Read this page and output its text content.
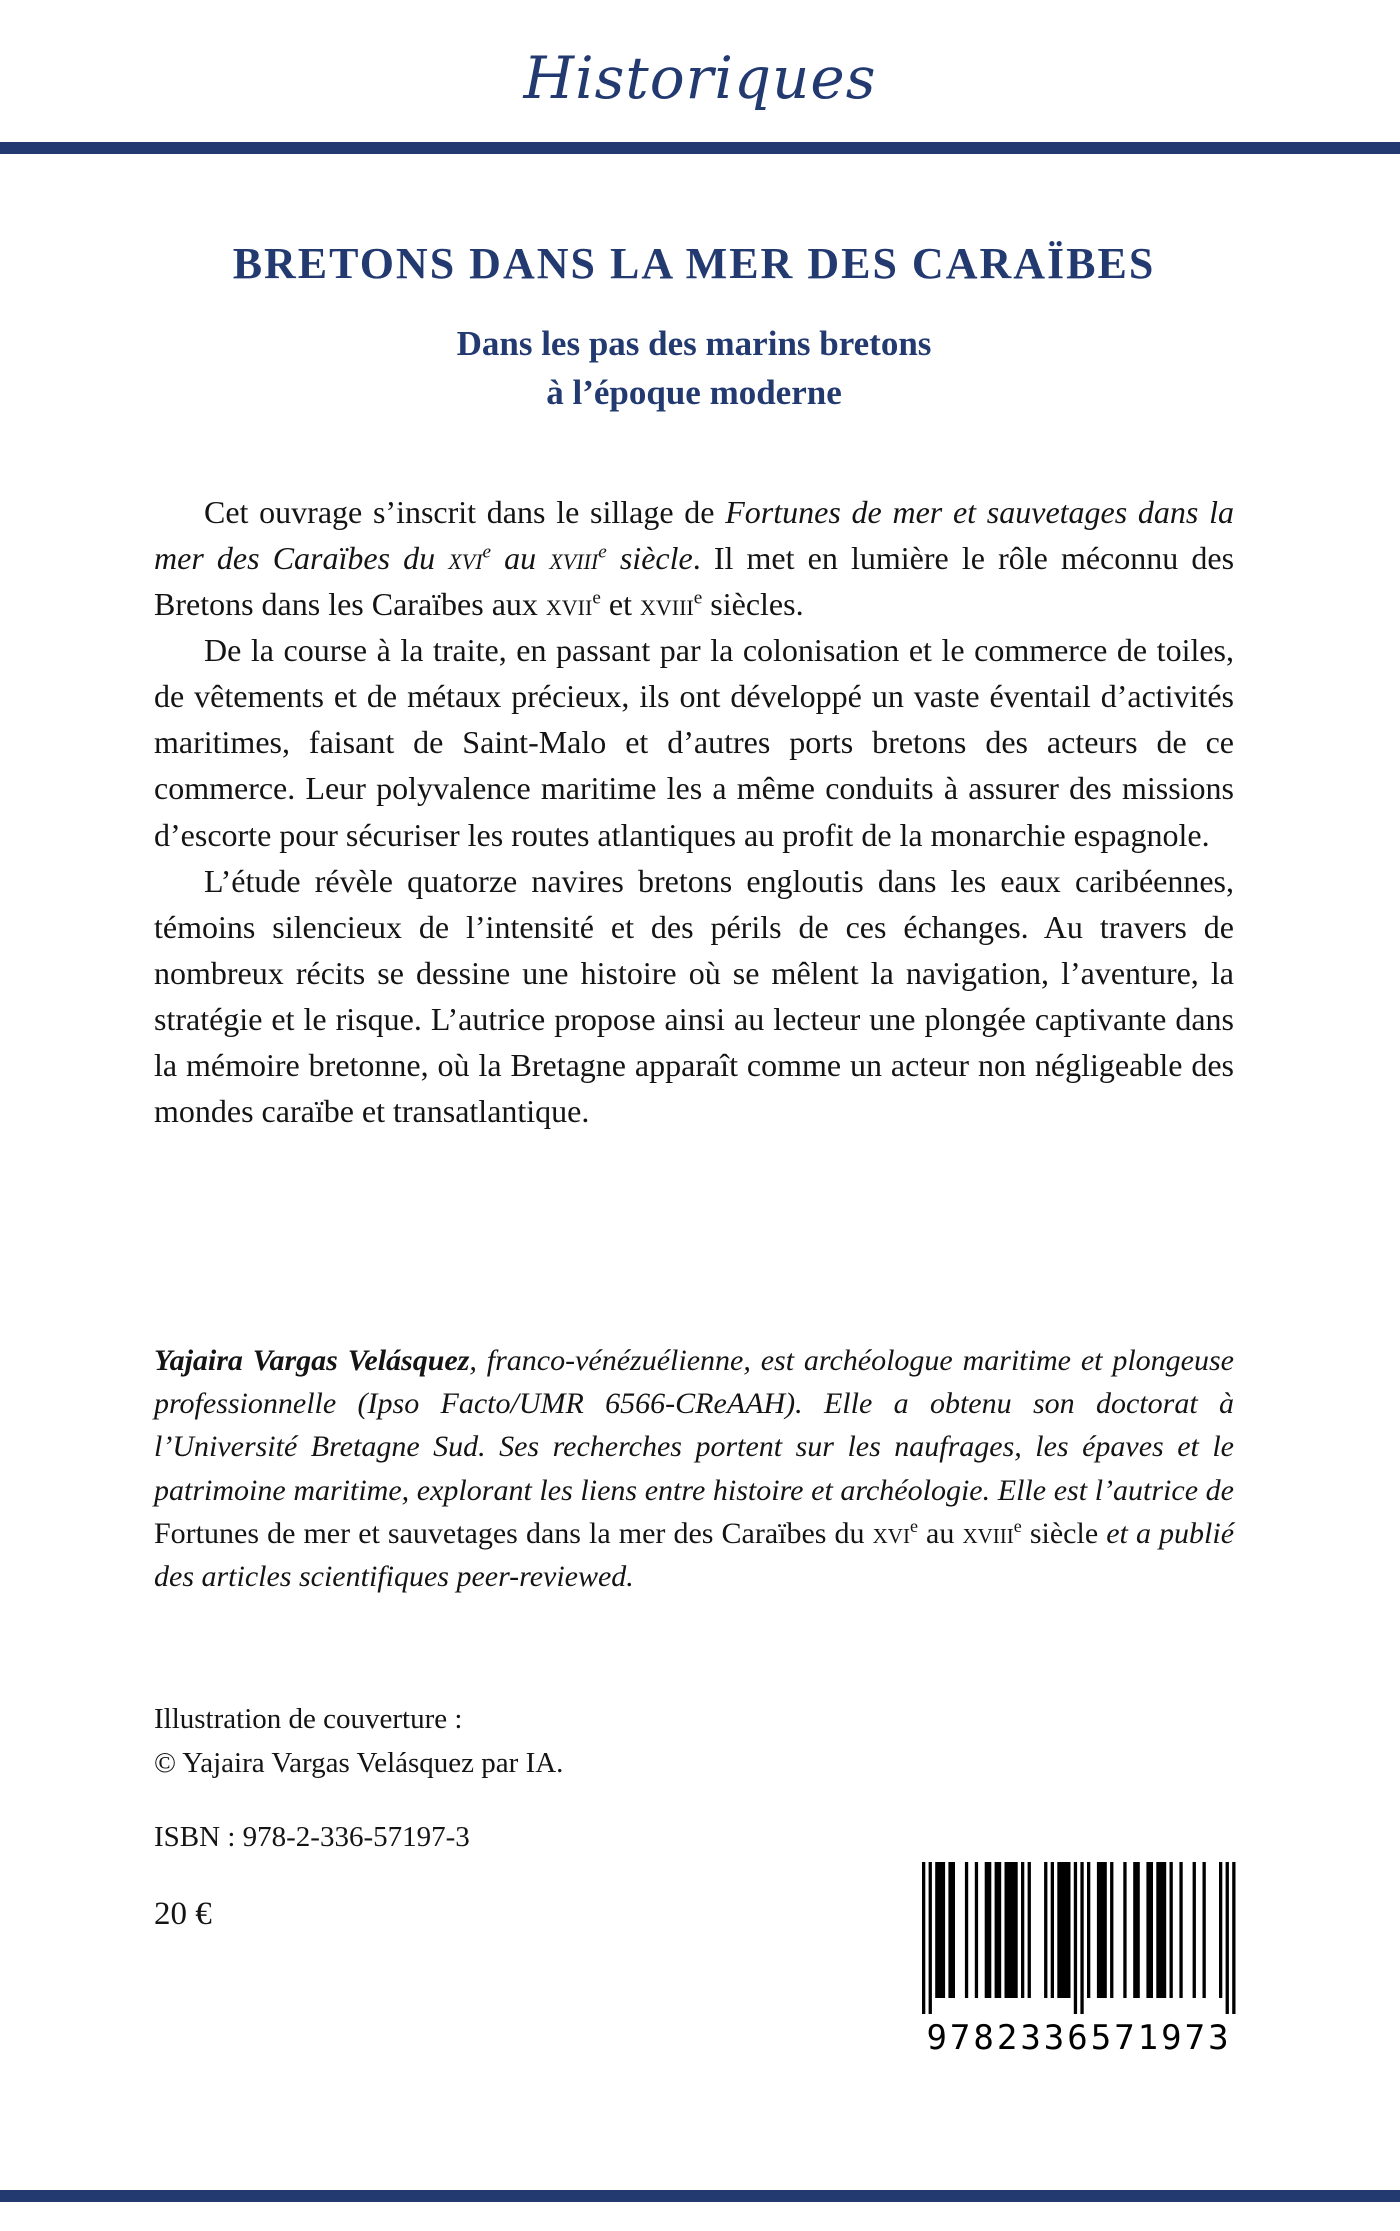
Historiques
BRETONS DANS LA MER DES CARAÏBES
Dans les pas des marins bretons
à l’époque moderne

Cet ouvrage s’inscrit dans le sillage de Fortunes de mer et sauvetages dans la mer des Caraïbes du xvi$^e$ au xviii$^e$ siècle. Il met en lumière le rôle méconnu des Bretons dans les Caraïbes aux xvii$^e$ et xviii$^e$ siècles.

De la course à la traite, en passant par la colonisation et le commerce de toiles, de vêtements et de métaux précieux, ils ont développé un vaste éventail d’activités maritimes, faisant de Saint-Malo et d’autres ports bretons des acteurs de ce commerce. Leur polyvalence maritime les a même conduits à assurer des missions d’escorte pour sécuriser les routes atlantiques au profit de la monarchie espagnole.

L’étude révèle quatorze navires bretons engloutis dans les eaux caribéennes, témoins silencieux de l’intensité et des périls de ces échanges. Au travers de nombreux récits se dessine une histoire où se mêlent la navigation, l’aventure, la stratégie et le risque. L’autrice propose ainsi au lecteur une plongée captivante dans la mémoire bretonne, où la Bretagne apparaît comme un acteur non négligeable des mondes caraïbe et transatlantique.

Yajaira Vargas Velásquez, franco-vénézuélienne, est archéologue maritime et plongeuse professionnelle (Ipso Facto/UMR 6566-CReAAH). Elle a obtenu son doctorat à l’Université Bretagne Sud. Ses recherches portent sur les naufrages, les épaves et le patrimoine maritime, explorant les liens entre histoire et archéologie. Elle est l’autrice de Fortunes de mer et sauvetages dans la mer des Caraïbes du xvi$^e$ au xviii$^e$ siècle et a publié des articles scientifiques peer-reviewed.
Illustration de couverture :
© Yajaira Vargas Velásquez par IA.
ISBN : 978-2-336-57197-3
20 €
9782336571973
